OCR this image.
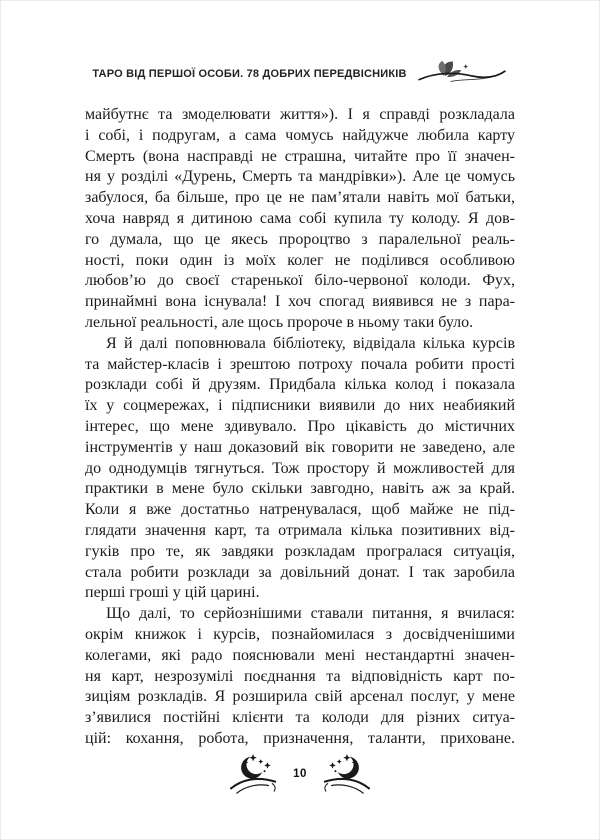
ТАРО ВІД ПЕРШОЇ ОСОБИ. 78 ДОБРИХ ПЕРЕДВІСНИКІВ
майбутнє та змоделювати життя»). І я справді розкладала
і собі, і подругам, а сама чомусь найдужче любила карту
Смерть (вона насправді не страшна, читайте про її значен-
ня у розділі «Дурень, Смерть та мандрівки»). Але це чомусь
забулося, ба більше, про це не пам’ятали навіть мої батьки,
хоча навряд я дитиною сама собі купила ту колоду. Я дов-
го думала, що це якесь пророцтво з паралельної реаль-
ності, поки один із моїх колег не поділився особливою
любов’ю до своєї старенької біло-червоної колоди. Фух,
принаймні вона існувала! І хоч спогад виявився не з пара-
лельної реальності, але щось пророче в ньому таки було.
Я й далі поповнювала бібліотеку, відвідала кілька курсів
та майстер-класів і зрештою потроху почала робити прості
розклади собі й друзям. Придбала кілька колод і показала
їх у соцмережах, і підписники виявили до них неабиякий
інтерес, що мене здивувало. Про цікавість до містичних
інструментів у наш доказовий вік говорити не заведено, але
до однодумців тягнуться. Тож простору й можливостей для
практики в мене було скільки завгодно, навіть аж за край.
Коли я вже достатньо натренувалася, щоб майже не під-
глядати значення карт, та отримала кілька позитивних від-
гуків про те, як завдяки розкладам програлася ситуація,
стала робити розклади за довільний донат. І так заробила
перші гроші у цій царині.
Що далі, то серйознішими ставали питання, я вчилася:
окрім книжок і курсів, познайомилася з досвідченішими
колегами, які радо пояснювали мені нестандартні значен-
ня карт, незрозумілі поєднання та відповідність карт по-
зиціям розкладів. Я розширила свій арсенал послуг, у мене
з’явилися постійні клієнти та колоди для різних ситуа-
цій: кохання, робота, призначення, таланти, приховане.
10
